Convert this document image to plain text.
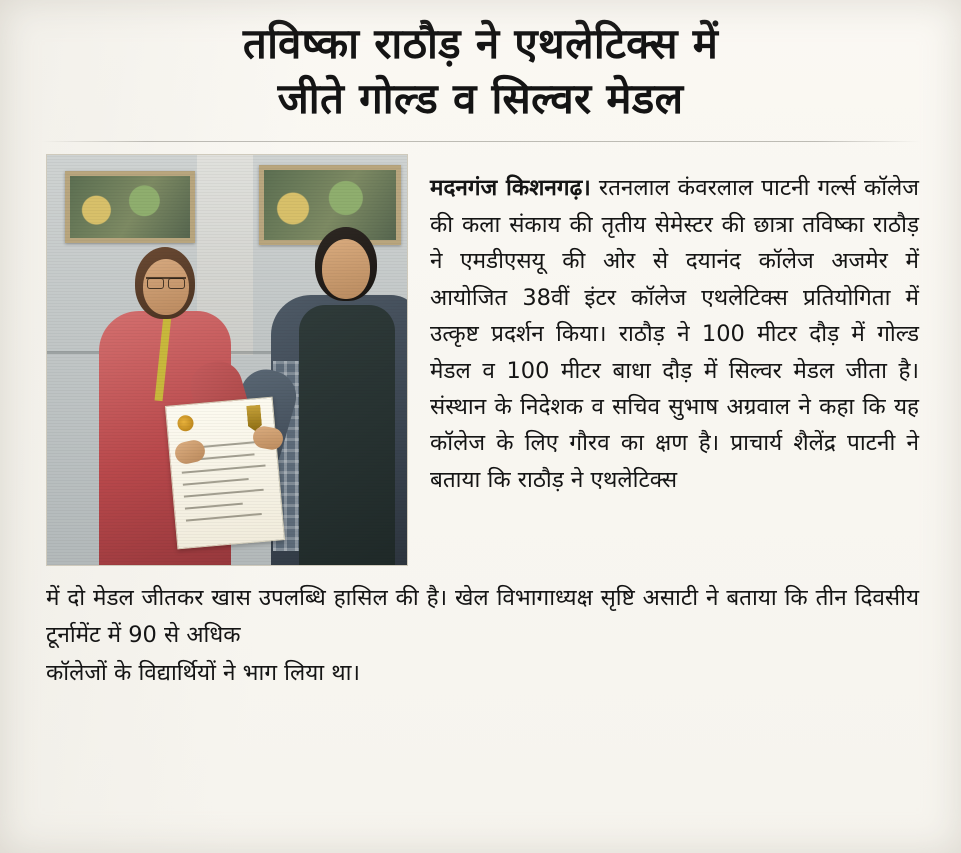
तविष्का राठौड़ ने एथलेटिक्स में
जीते गोल्ड व सिल्वर मेडल

मदनगंज किशनगढ़। रतनलाल कंवरलाल पाटनी गर्ल्स कॉलेज की कला संकाय की तृतीय सेमेस्टर की छात्रा तविष्का राठौड़ ने एमडीएसयू की ओर से दयानंद कॉलेज अजमेर में आयोजित 38वीं इंटर कॉलेज एथलेटिक्स प्रतियोगिता में उत्कृष्ट प्रदर्शन किया। राठौड़ ने 100 मीटर दौड़ में गोल्ड मेडल व 100 मीटर बाधा दौड़ में सिल्वर मेडल जीता है। संस्थान के निदेशक व सचिव सुभाष अग्रवाल ने कहा कि यह कॉलेज के लिए गौरव का क्षण है। प्राचार्य शैलेंद्र पाटनी ने बताया कि राठौड़ ने एथलेटिक्स

में दो मेडल जीतकर खास उपलब्धि हासिल की है। खेल विभागाध्यक्ष सृष्टि असाटी ने बताया कि तीन दिवसीय टूर्नामेंट में 90 से अधिक
कॉलेजों के विद्यार्थियों ने भाग लिया था।
